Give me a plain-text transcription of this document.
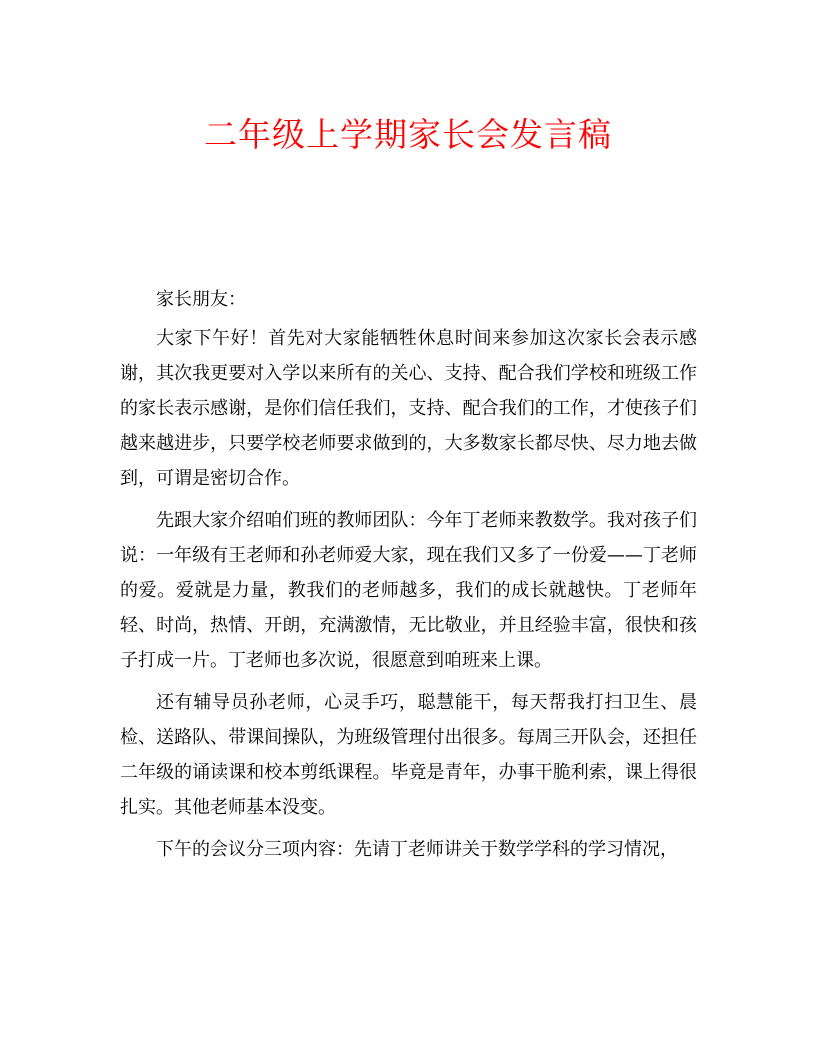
二年级上学期家长会发言稿

家长朋友：

大家下午好！首先对大家能牺牲休息时间来参加这次家长会表示感谢，其次我更要对入学以来所有的关心、支持、配合我们学校和班级工作的家长表示感谢，是你们信任我们，支持、配合我们的工作，才使孩子们越来越进步，只要学校老师要求做到的，大多数家长都尽快、尽力地去做到，可谓是密切合作。

先跟大家介绍咱们班的教师团队：今年丁老师来教数学。我对孩子们说：一年级有王老师和孙老师爱大家，现在我们又多了一份爱——丁老师的爱。爱就是力量，教我们的老师越多，我们的成长就越快。丁老师年轻、时尚，热情、开朗，充满激情，无比敬业，并且经验丰富，很快和孩子打成一片。丁老师也多次说，很愿意到咱班来上课。

还有辅导员孙老师，心灵手巧，聪慧能干，每天帮我打扫卫生、晨检、送路队、带课间操队，为班级管理付出很多。每周三开队会，还担任二年级的诵读课和校本剪纸课程。毕竟是青年，办事干脆利索，课上得很扎实。其他老师基本没变。

下午的会议分三项内容：先请丁老师讲关于数学学科的学习情况，
